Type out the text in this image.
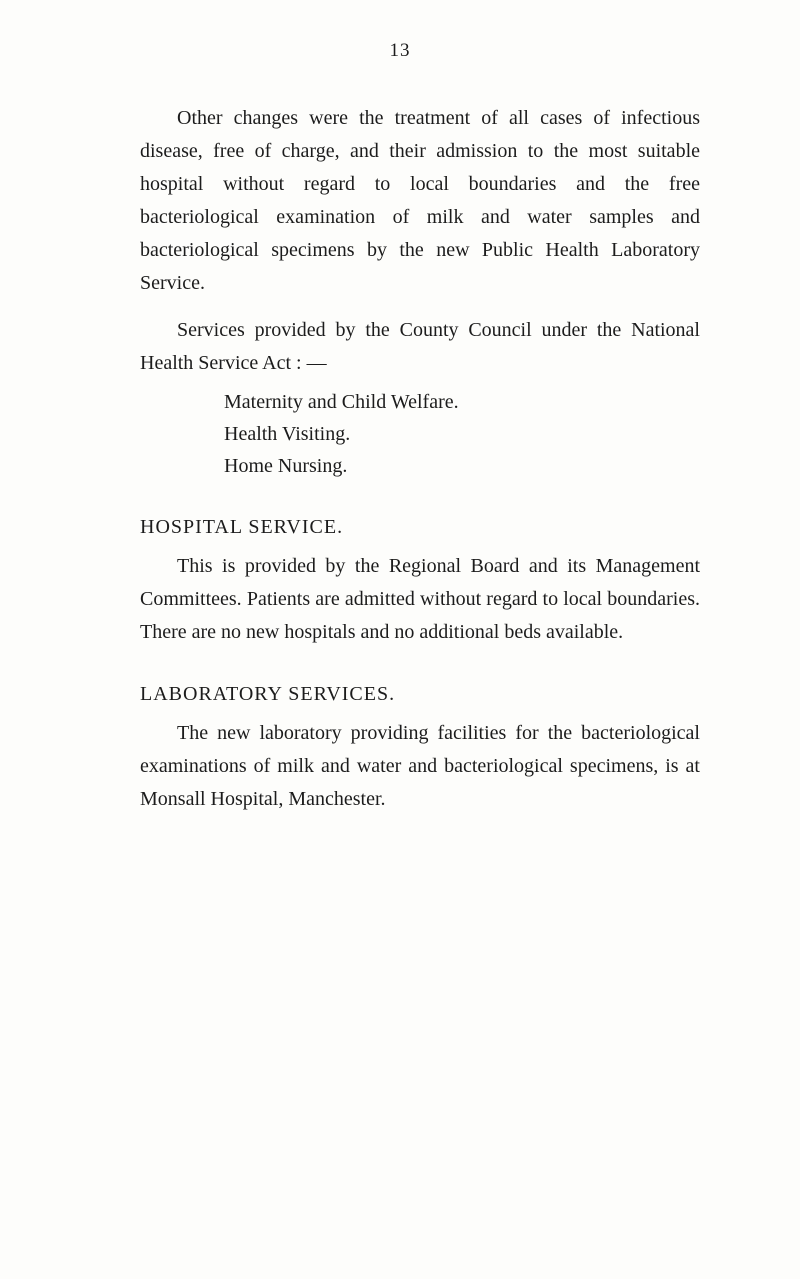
13

Other changes were the treatment of all cases of infectious disease, free of charge, and their admission to the most suitable hospital without regard to local boundaries and the free bacteriological examination of milk and water samples and bacteriological specimens by the new Public Health Laboratory Service.

Services provided by the County Council under the National Health Service Act : —

Maternity and Child Welfare.
Health Visiting.
Home Nursing.
HOSPITAL SERVICE.

This is provided by the Regional Board and its Management Committees. Patients are admitted without regard to local boundaries. There are no new hospitals and no additional beds available.

LABORATORY SERVICES.

The new laboratory providing facilities for the bacteriological examinations of milk and water and bacteriological specimens, is at Monsall Hospital, Manchester.
